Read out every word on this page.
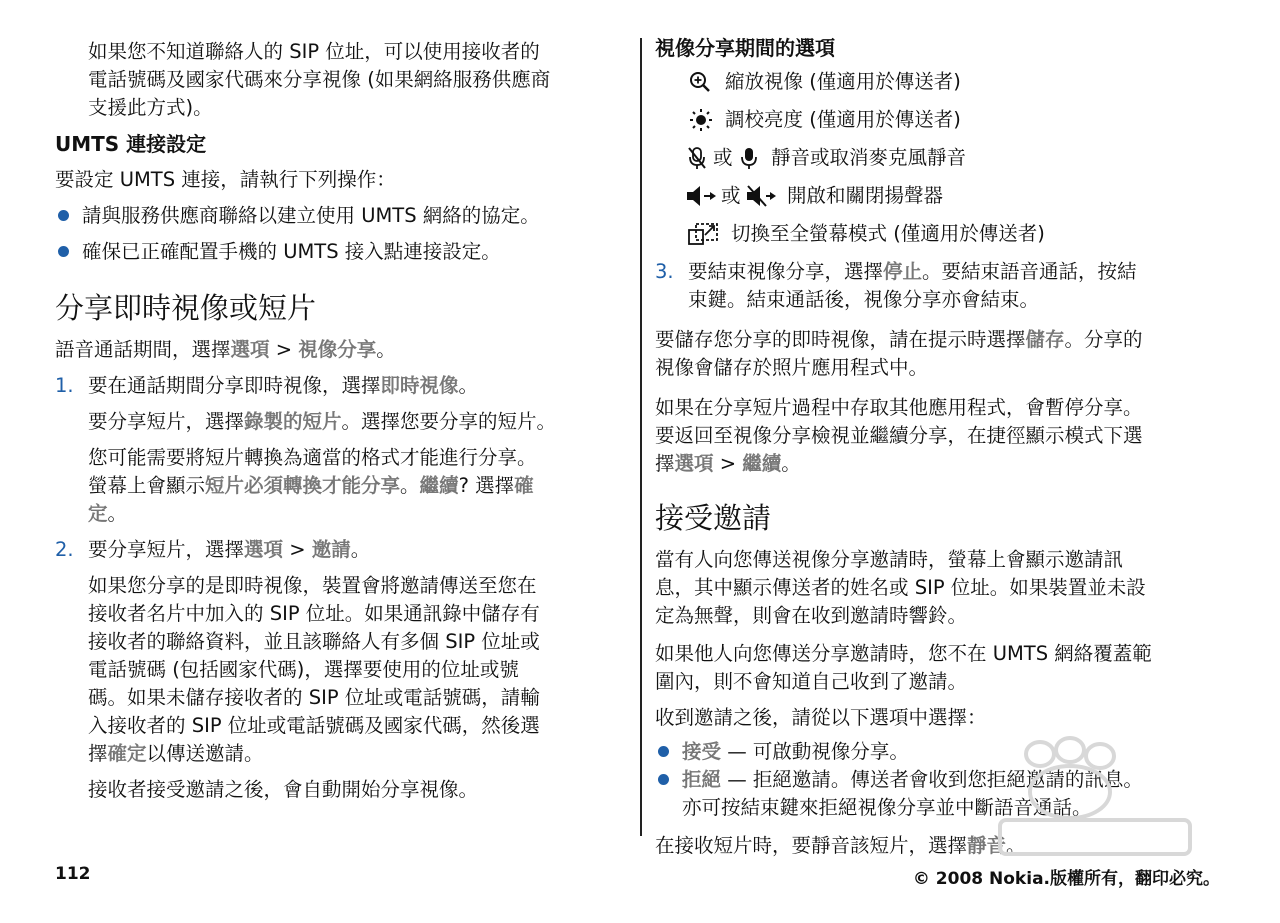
如果您不知道聯絡人的 SIP 位址，可以使用接收者的
電話號碼及國家代碼來分享視像 (如果網絡服務供應商
支援此方式)。
UMTS 連接設定
要設定 UMTS 連接，請執行下列操作：
請與服務供應商聯絡以建立使用 UMTS 網絡的協定。
確保已正確配置手機的 UMTS 接入點連接設定。
分享即時視像或短片
語音通話期間，選擇選項 > 視像分享。
1. 要在通話期間分享即時視像，選擇即時視像。
要分享短片，選擇錄製的短片。選擇您要分享的短片。
您可能需要將短片轉換為適當的格式才能進行分享。
螢幕上會顯示短片必須轉換才能分享。繼續? 選擇確
定。
2. 要分享短片，選擇選項 > 邀請。
如果您分享的是即時視像，裝置會將邀請傳送至您在
接收者名片中加入的 SIP 位址。如果通訊錄中儲存有
接收者的聯絡資料，並且該聯絡人有多個 SIP 位址或
電話號碼 (包括國家代碼)，選擇要使用的位址或號
碼。如果未儲存接收者的 SIP 位址或電話號碼，請輸
入接收者的 SIP 位址或電話號碼及國家代碼，然後選
擇確定以傳送邀請。
接收者接受邀請之後，會自動開始分享視像。
視像分享期間的選項
縮放視像 (僅適用於傳送者)
調校亮度 (僅適用於傳送者)
或 靜音或取消麥克風靜音
或 開啟和關閉揚聲器
切換至全螢幕模式 (僅適用於傳送者)
3. 要結束視像分享，選擇停止。要結束語音通話，按結
束鍵。結束通話後，視像分享亦會結束。
要儲存您分享的即時視像，請在提示時選擇儲存。分享的
視像會儲存於照片應用程式中。
如果在分享短片過程中存取其他應用程式，會暫停分享。
要返回至視像分享檢視並繼續分享，在捷徑顯示模式下選
擇選項 > 繼續。
接受邀請
當有人向您傳送視像分享邀請時，螢幕上會顯示邀請訊
息，其中顯示傳送者的姓名或 SIP 位址。如果裝置並未設
定為無聲，則會在收到邀請時響鈴。
如果他人向您傳送分享邀請時，您不在 UMTS 網絡覆蓋範
圍內，則不會知道自己收到了邀請。
收到邀請之後，請從以下選項中選擇：
接受 — 可啟動視像分享。
拒絕 — 拒絕邀請。傳送者會收到您拒絕邀請的訊息。
亦可按結束鍵來拒絕視像分享並中斷語音通話。
在接收短片時，要靜音該短片，選擇靜音。
112	© 2008 Nokia.版權所有，翻印必究。
